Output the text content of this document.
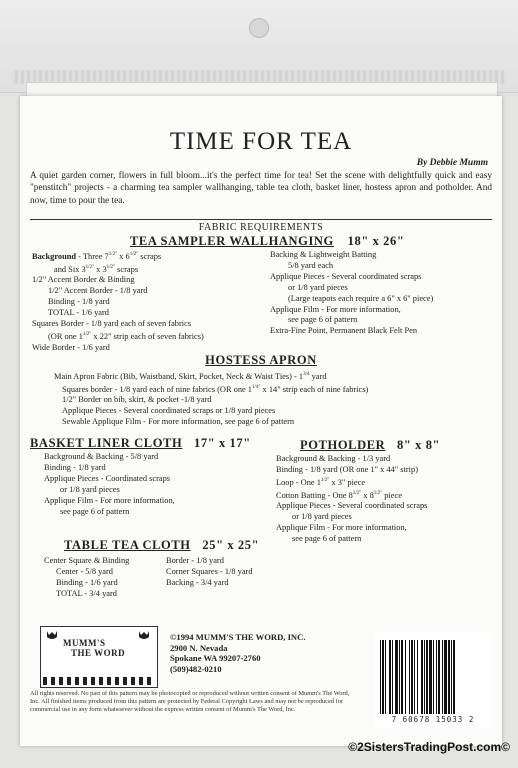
TIME FOR TEA
By Debbie Mumm
A quiet garden corner, flowers in full bloom...it's the perfect time for tea! Set the scene with delightfully quick and easy "penstitch" projects - a charming tea sampler wallhanging, table tea cloth, basket liner, hostess apron and potholder. And now, time to pour the tea.
FABRIC REQUIREMENTS
TEA SAMPLER WALLHANGING 18" x 26"
Background - Three $7^{1/2"}$ x $6^{1/2"}$ scraps
and Six $3^{1/2"}$ x $3^{1/2"}$ scraps
1/2" Accent Border & Binding
1/2" Accent Border - 1/8 yard
Binding - 1/8 yard
TOTAL - 1/6 yard
Squares Border - 1/8 yard each of seven fabrics
(OR one $1^{1/2"}$ x 22" strip each of seven fabrics)
Wide Border - 1/6 yard
Backing & Lightweight Batting
5/8 yard each
Applique Pieces - Several coordinated scraps
or 1/8 yard pieces
(Large teapots each require a 6" x 6" piece)
Applique Film - For more information,
see page 6 of pattern
Extra-Fine Point, Permanent Black Felt Pen
HOSTESS APRON
Main Apron Fabric (Bib, Waistband, Skirt, Pocket, Neck & Waist Ties) - $1^{3/4}$ yard
Squares border - 1/8 yard each of nine fabrics (OR one $1^{1/4"}$ x 14" strip each of nine fabrics)
1/2" Border on bib, skirt, & pocket -1/8 yard
Applique Pieces - Several coordinated scraps or 1/8 yard pieces
Sewable Applique Film - For more information, see page 6 of pattern
BASKET LINER CLOTH 17" x 17"
Background & Backing - 5/8 yard
Binding - 1/8 yard
Applique Pieces - Coordinated scraps
or 1/8 yard pieces
Applique Film - For more information,
see page 6 of pattern
POTHOLDER 8" x 8"
Background & Backing - 1/3 yard
Binding - 1/8 yard (OR one 1" x 44" strip)
Loop - One $1^{1/2"}$ x 3" piece
Cotton Batting - One $8^{1/2"}$ x $8^{1/2"}$ piece
Applique Pieces - Several coordinated scraps
or 1/8 yard pieces
Applique Film - For more information,
see page 6 of pattern
TABLE TEA CLOTH 25" x 25"
Center Square & Binding
Center - 5/8 yard
Binding - 1/6 yard
TOTAL - 3/4 yard
Border - 1/8 yard
Corner Squares - 1/8 yard
Backing - 3/4 yard
MUMM'S
THE WORD
©1994 MUMM'S THE WORD, INC.
2900 N. Nevada
Spokane WA 99207-2760
(509)482-0210
All rights reserved. No part of this pattern may be photocopied or reproduced without written consent of Mumm's The Word, Inc. All finished items produced from this pattern are protected by Federal Copyright Laws and may not be reproduced for commercial use in any form whatsoever without the express written consent of Mumm's The Word, Inc.
7 60678 15033 2
©2SistersTradingPost.com©
